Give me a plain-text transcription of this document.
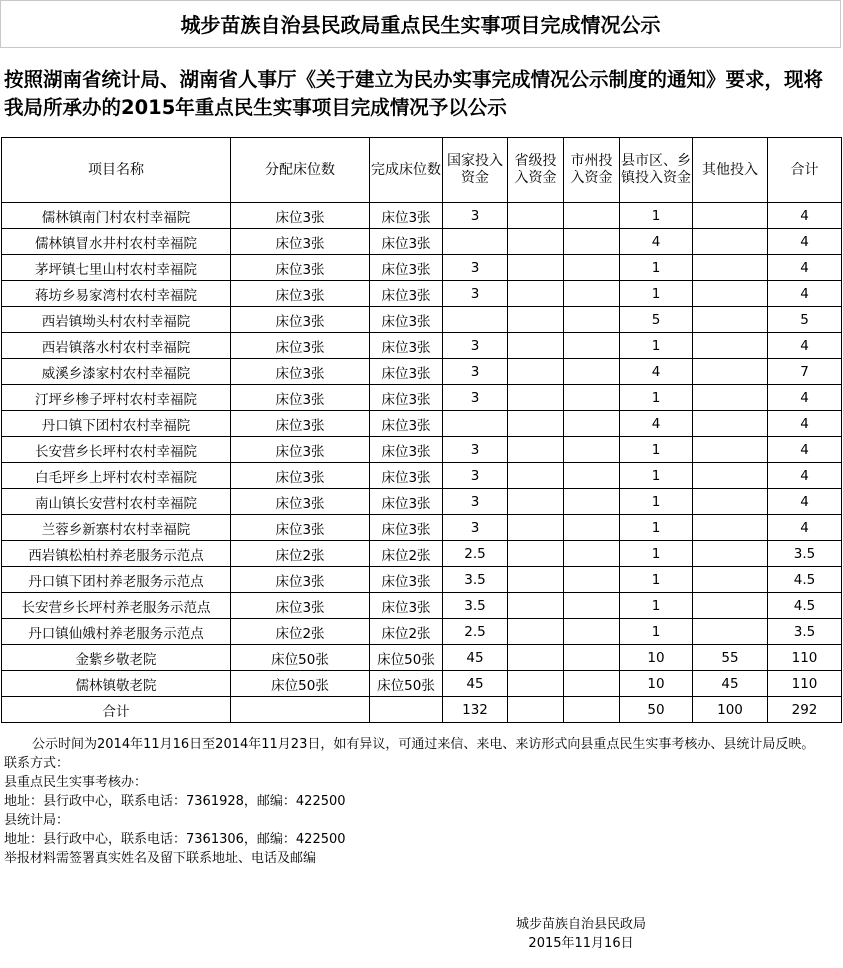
城步苗族自治县民政局重点民生实事项目完成情况公示
按照湖南省统计局、湖南省人事厅《关于建立为民办实事完成情况公示制度的通知》要求，现将我局所承办的2015年重点民生实事项目完成情况予以公示
项目名称	分配床位数	完成床位数	国家投入资金	省级投入资金	市州投入资金	县市区、乡镇投入资金	其他投入	合计
儒林镇南门村农村幸福院	床位3张	床位3张	3			1		4
儒林镇冒水井村农村幸福院	床位3张	床位3张				4		4
茅坪镇七里山村农村幸福院	床位3张	床位3张	3			1		4
蒋坊乡易家湾村农村幸福院	床位3张	床位3张	3			1		4
西岩镇坳头村农村幸福院	床位3张	床位3张				5		5
西岩镇落水村农村幸福院	床位3张	床位3张	3			1		4
威溪乡漆家村农村幸福院	床位3张	床位3张	3			4		7
汀坪乡椮子坪村农村幸福院	床位3张	床位3张	3			1		4
丹口镇下团村农村幸福院	床位3张	床位3张				4		4
长安营乡长坪村农村幸福院	床位3张	床位3张	3			1		4
白毛坪乡上坪村农村幸福院	床位3张	床位3张	3			1		4
南山镇长安营村农村幸福院	床位3张	床位3张	3			1		4
兰蓉乡新寨村农村幸福院	床位3张	床位3张	3			1		4
西岩镇松柏村养老服务示范点	床位2张	床位2张	2.5			1		3.5
丹口镇下团村养老服务示范点	床位3张	床位3张	3.5			1		4.5
长安营乡长坪村养老服务示范点	床位3张	床位3张	3.5			1		4.5
丹口镇仙娥村养老服务示范点	床位2张	床位2张	2.5			1		3.5
金紫乡敬老院	床位50张	床位50张	45			10	55	110
儒林镇敬老院	床位50张	床位50张	45			10	45	110
合计			132			50	100	292
公示时间为2014年11月16日至2014年11月23日，如有异议，可通过来信、来电、来访形式向县重点民生实事考核办、县统计局反映。
联系方式：
县重点民生实事考核办：
地址：县行政中心，联系电话：7361928，邮编：422500
县统计局：
地址：县行政中心，联系电话：7361306，邮编：422500
举报材料需签署真实姓名及留下联系地址、电话及邮编
城步苗族自治县民政局
2015年11月16日
